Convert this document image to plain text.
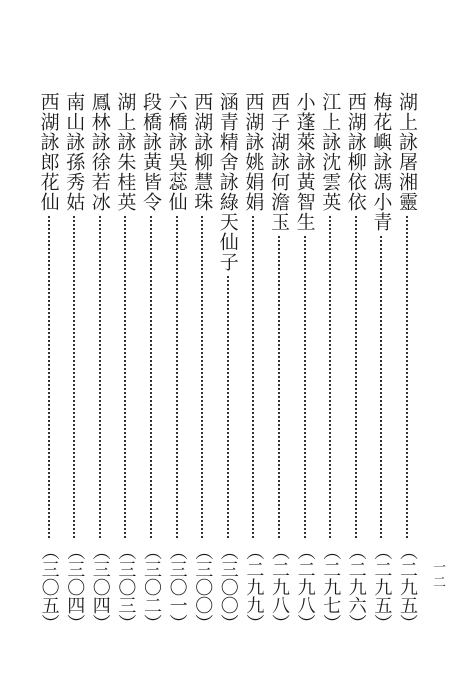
一二
湖上詠屠湘靈
（二九五）
梅花嶼詠馮小青
（二九五）
西湖詠柳依依
（二九六）
江上詠沈雲英
（二九七）
小蓬萊詠黃智生
（二九八）
西子湖詠何澹玉
（二九八）
西湖詠姚娟娟
（二九九）
涵青精舍詠綠天仙子
（三〇〇）
西湖詠柳慧珠
（三〇〇）
六橋詠吳蕊仙
（三〇一）
段橋詠黃皆令
（三〇二）
湖上詠朱桂英
（三〇三）
鳳林詠徐若冰
（三〇四）
南山詠孫秀姑
（三〇四）
西湖詠郎花仙
（三〇五）
